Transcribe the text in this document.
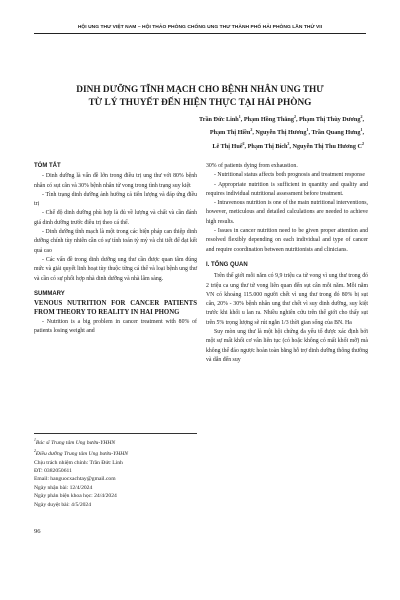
HỘI UNG THƯ VIỆT NAM – HỘI THẢO PHÒNG CHỐNG UNG THƯ THÀNH PHỐ HẢI PHÒNG LẦN THỨ VII
DINH DƯỠNG TĨNH MẠCH CHO BỆNH NHÂN UNG THƯ
TỪ LÝ THUYẾT ĐẾN HIỆN THỰC TẠI HẢI PHÒNG
Trần Đức Linh$^1$, Phạm Hồng Thắng$^2$, Phạm Thị Thùy Dương$^2$,
Phạm Thị Hiền$^2$, Nguyễn Thị Hương$^1$, Trần Quang Hưng$^1$,
Lê Thị Huế$^2$, Phạm Thị Bích$^2$, Nguyễn Thị Thu Hương $C^2$

TÓM TẮT

- Dinh dưỡng là vấn đề lớn trong điều trị ung thư với 80% bệnh nhân có sụt cân và 30% bệnh nhân tử vong trong tình trạng suy kiệt

- Tình trạng dinh dưỡng ảnh hưởng cả tiên lượng và đáp ứng điều trị

- Chế độ dinh dưỡng phù hợp là đủ về lượng và chất và cần đánh giá dinh dưỡng trước điều trị theo cá thể.

- Dinh dưỡng tĩnh mạch là một trong các biện pháp can thiệp dinh dưỡng chính tùy nhiên cần có sự tính toán tỷ mỷ và chi tiết để đạt kết quả cao

- Các vấn đề trong dinh dưỡng ung thư cần được quan tâm đúng mức và giải quyết linh hoạt tùy thuộc từng cá thể và loại bệnh ung thư và cần có sự phối hợp nhà dinh dưỡng và nhà lâm sàng.

SUMMARY

VENOUS NUTRITION FOR CANCER PATIENTS FROM THEORY TO REALITY IN HAI PHONG

- Nutrition is a big problem in cancer treatment with 80% of patients losing weight and

$^1$Bác sĩ Trung tâm Ung bướu-YHHN

$^2$Điều dưỡng Trung tâm Ung bướu-YHHN

Chịu trách nhiệm chính: Trần Đức Linh

ĐT: 0382050611

Email: hanguocxachtay@gmail.com

Ngày nhận bài: 12/4/2024

Ngày phản biện khoa học: 24/4/2024

Ngày duyệt bài: 4/5/2024

30% of patients dying from exhaustion.

- Nutritional status affects both prognosis and treatment response

- Appropriate nutrition is sufficient in quantity and quality and requires individual nutritional assessment before treatment.

- Intravenous nutrition is one of the main nutritional interventions, however, meticulous and detailed calculations are needed to achieve high results.

- Issues in cancer nutrition need to be given proper attention and resolved flexibly depending on each individual and type of cancer and require coordination between nutritionists and clinicians.

I. TỔNG QUAN

Trên thế giới mỗi năm có 9,9 triệu ca tử vong vì ung thư trong đó 2 triệu ca ung thư tử vong liên quan đến sụt cân mỗi năm. Mỗi năm VN có khoảng 115.000 người chết vì ung thư trong đó 80% bị sụt cân, 20% - 30% bệnh nhân ung thư chết vì suy dinh dưỡng, suy kiệt trước khi khối u lan ra. Nhiều nghiên cứu trên thế giới cho thấy sụt trên 5% trọng lượng sẽ rút ngắn 1/3 thời gian sống của BN. Ha

Suy mòn ung thư là một hội chứng đa yếu tố được xác định bởi một sự mất khối cơ vân liên tục (có hoặc không có mất khối mỡ) mà không thể đảo ngược hoàn toàn bằng hỗ trợ dinh dưỡng thông thường và dẫn đến suy

96
